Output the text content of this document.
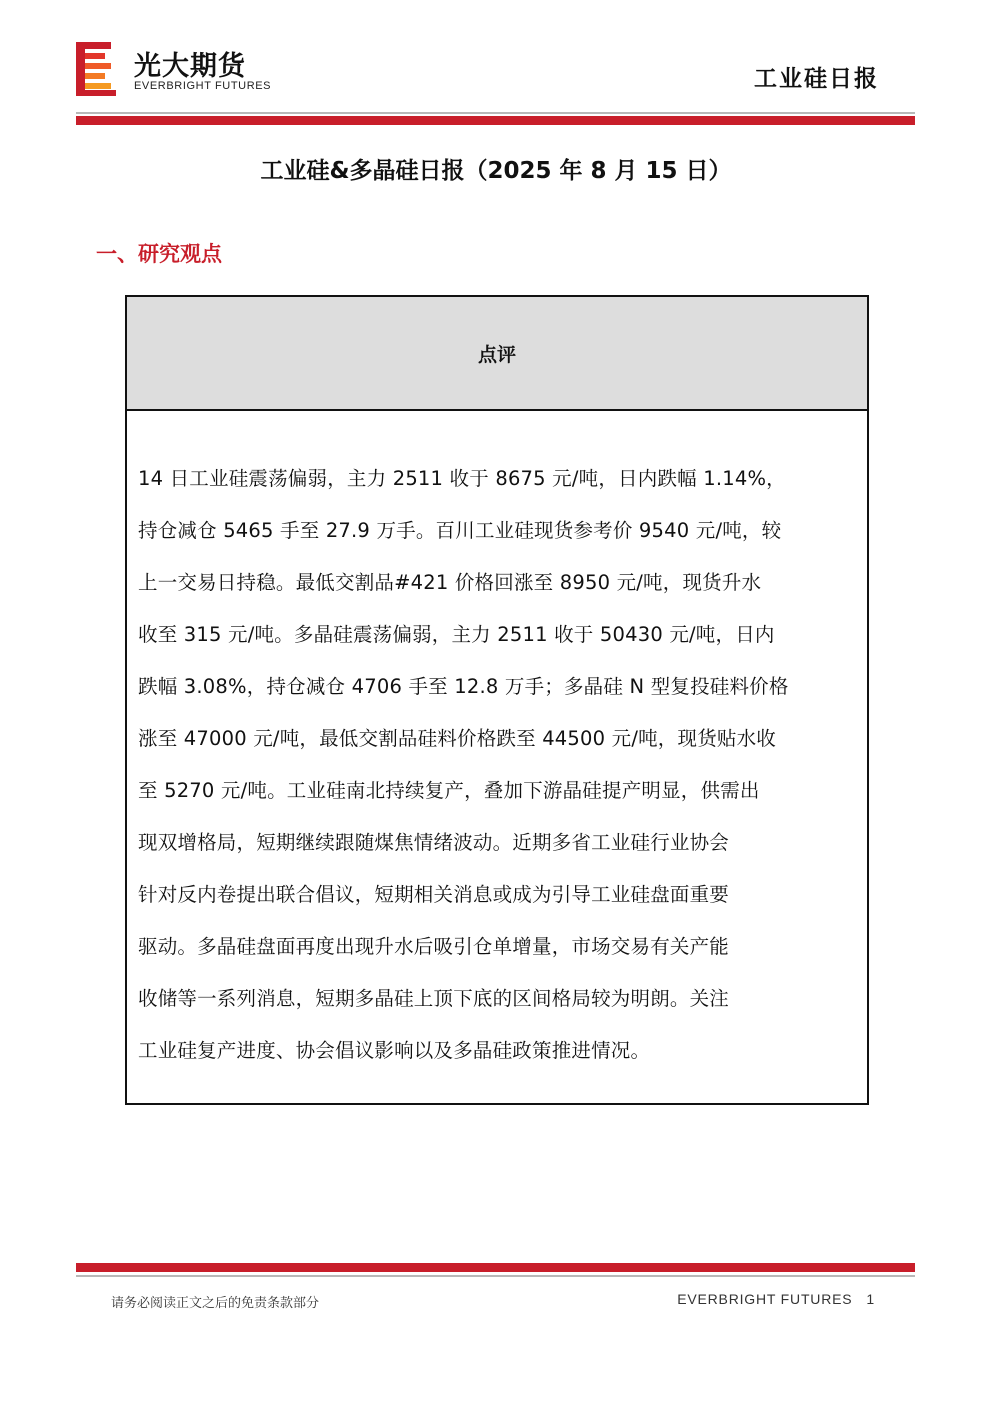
光大期货
EVERBRIGHT FUTURES	工业硅日报
工业硅&多晶硅日报（2025 年 8 月 15 日）
一、研究观点
点评
14 日工业硅震荡偏弱，主力 2511 收于 8675 元/吨，日内跌幅 1.14%，
持仓减仓 5465 手至 27.9 万手。百川工业硅现货参考价 9540 元/吨，较
上一交易日持稳。最低交割品#421 价格回涨至 8950 元/吨，现货升水
收至 315 元/吨。多晶硅震荡偏弱，主力 2511 收于 50430 元/吨，日内
跌幅 3.08%，持仓减仓 4706 手至 12.8 万手；多晶硅 N 型复投硅料价格
涨至 47000 元/吨，最低交割品硅料价格跌至 44500 元/吨，现货贴水收
至 5270 元/吨。工业硅南北持续复产，叠加下游晶硅提产明显，供需出
现双增格局，短期继续跟随煤焦情绪波动。近期多省工业硅行业协会
针对反内卷提出联合倡议，短期相关消息或成为引导工业硅盘面重要
驱动。多晶硅盘面再度出现升水后吸引仓单增量，市场交易有关产能
收储等一系列消息，短期多晶硅上顶下底的区间格局较为明朗。关注
工业硅复产进度、协会倡议影响以及多晶硅政策推进情况。
请务必阅读正文之后的免责条款部分	EVERBRIGHT FUTURES 1
